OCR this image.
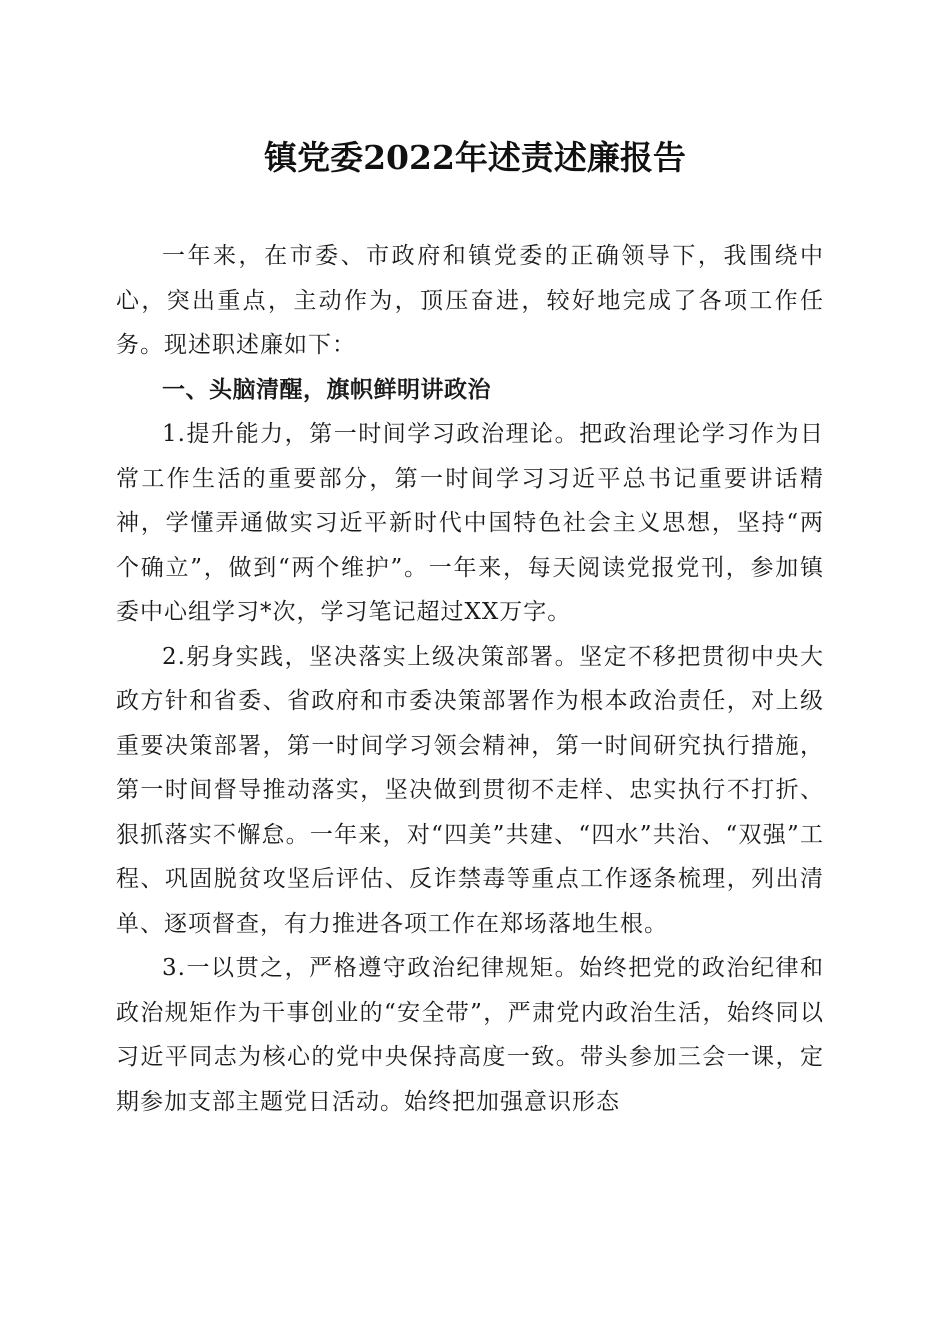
镇党委2022年述责述廉报告

一年来，在市委、市政府和镇党委的正确领导下，我围绕中心，突出重点，主动作为，顶压奋进，较好地完成了各项工作任务。现述职述廉如下：

一、头脑清醒，旗帜鲜明讲政治

1.提升能力，第一时间学习政治理论。把政治理论学习作为日常工作生活的重要部分，第一时间学习习近平总书记重要讲话精神，学懂弄通做实习近平新时代中国特色社会主义思想，坚持“两个确立”，做到“两个维护”。一年来，每天阅读党报党刊，参加镇委中心组学习*次，学习笔记超过XX万字。

2.躬身实践，坚决落实上级决策部署。坚定不移把贯彻中央大政方针和省委、省政府和市委决策部署作为根本政治责任，对上级重要决策部署，第一时间学习领会精神，第一时间研究执行措施，第一时间督导推动落实，坚决做到贯彻不走样、忠实执行不打折、狠抓落实不懈怠。一年来，对“四美”共建、“四水”共治、“双强”工程、巩固脱贫攻坚后评估、反诈禁毒等重点工作逐条梳理，列出清单、逐项督查，有力推进各项工作在郑场落地生根。

3.一以贯之，严格遵守政治纪律规矩。始终把党的政治纪律和政治规矩作为干事创业的“安全带”，严肃党内政治生活，始终同以习近平同志为核心的党中央保持高度一致。带头参加三会一课，定期参加支部主题党日活动。始终把加强意识形态
